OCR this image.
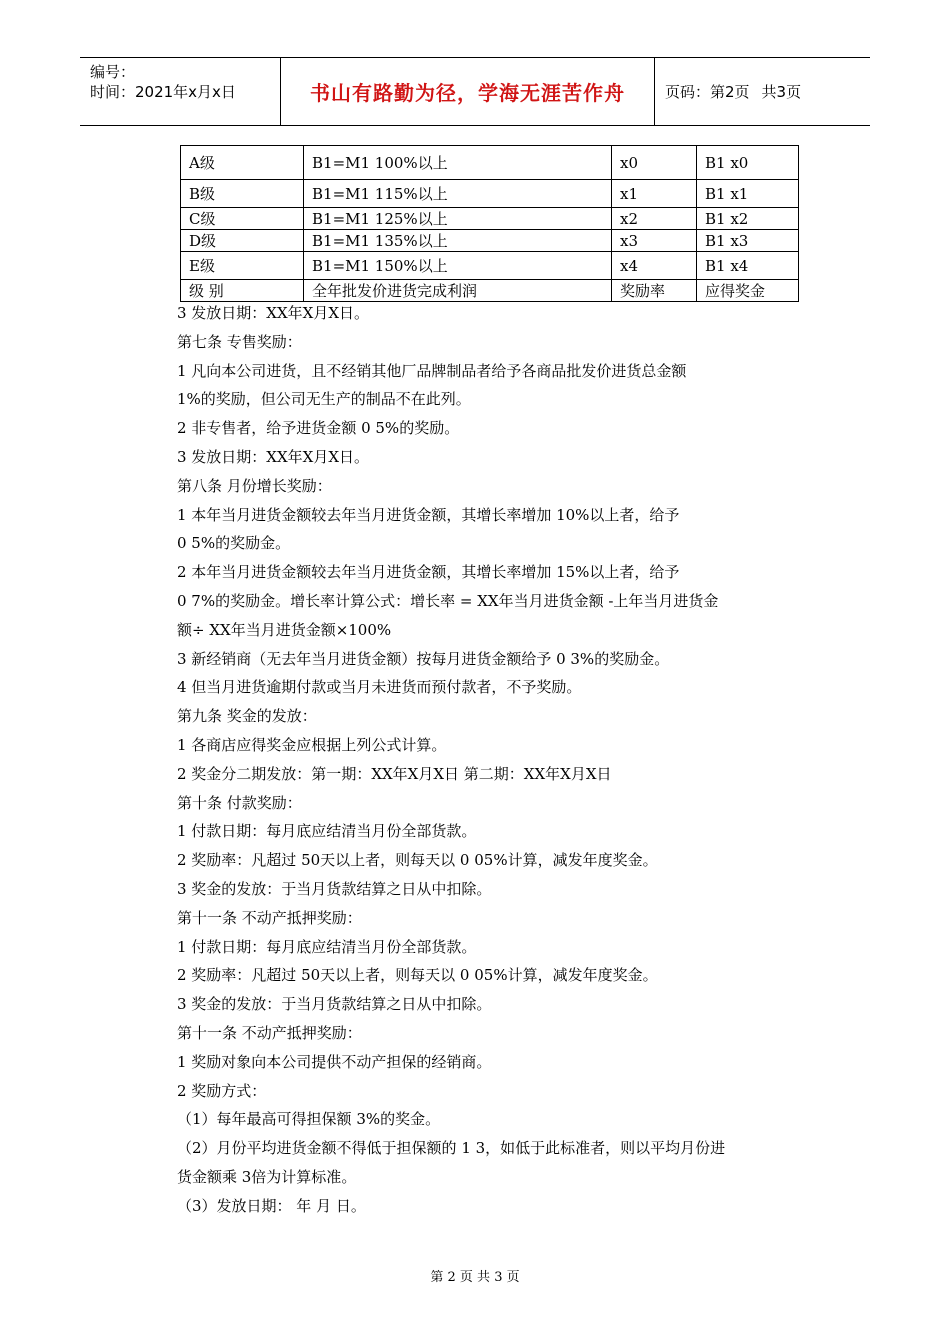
编号：
时间：2021年x月x日	书山有路勤为径，学海无涯苦作舟	页码：第2页 共3页
A级	B1=M1 100%以上	x0	B1 x0
B级	B1=M1 115%以上	x1	B1 x1
C级	B1=M1 125%以上	x2	B1 x2
D级	B1=M1 135%以上	x3	B1 x3
E级	B1=M1 150%以上	x4	B1 x4
级 别	全年批发价进货完成利润	奖励率	应得奖金

3 发放日期：XX年X月X日。

第七条 专售奖励：

1 凡向本公司进货，且不经销其他厂品牌制品者给予各商品批发价进货总金额

1%的奖励，但公司无生产的制品不在此列。

2 非专售者，给予进货金额 0 5%的奖励。

3 发放日期：XX年X月X日。

第八条 月份增长奖励：

1 本年当月进货金额较去年当月进货金额，其增长率增加 10%以上者，给予

0 5%的奖励金。

2 本年当月进货金额较去年当月进货金额，其增长率增加 15%以上者，给予

0 7%的奖励金。增长率计算公式：增长率 = XX年当月进货金额 -上年当月进货金

额÷ XX年当月进货金额×100%

3 新经销商（无去年当月进货金额）按每月进货金额给予 0 3%的奖励金。

4 但当月进货逾期付款或当月未进货而预付款者，不予奖励。

第九条 奖金的发放：

1 各商店应得奖金应根据上列公式计算。

2 奖金分二期发放：第一期：XX年X月X日 第二期：XX年X月X日

第十条 付款奖励：

1 付款日期：每月底应结清当月份全部货款。

2 奖励率：凡超过 50天以上者，则每天以 0 05%计算，减发年度奖金。

3 奖金的发放：于当月货款结算之日从中扣除。

第十一条 不动产抵押奖励：

1 付款日期：每月底应结清当月份全部货款。

2 奖励率：凡超过 50天以上者，则每天以 0 05%计算，减发年度奖金。

3 奖金的发放：于当月货款结算之日从中扣除。

第十一条 不动产抵押奖励：

1 奖励对象向本公司提供不动产担保的经销商。

2 奖励方式：

（1）每年最高可得担保额 3%的奖金。

（2）月份平均进货金额不得低于担保额的 1 3，如低于此标准者，则以平均月份进

货金额乘 3倍为计算标准。

（3）发放日期： 年 月 日。

第 2 页 共 3 页
